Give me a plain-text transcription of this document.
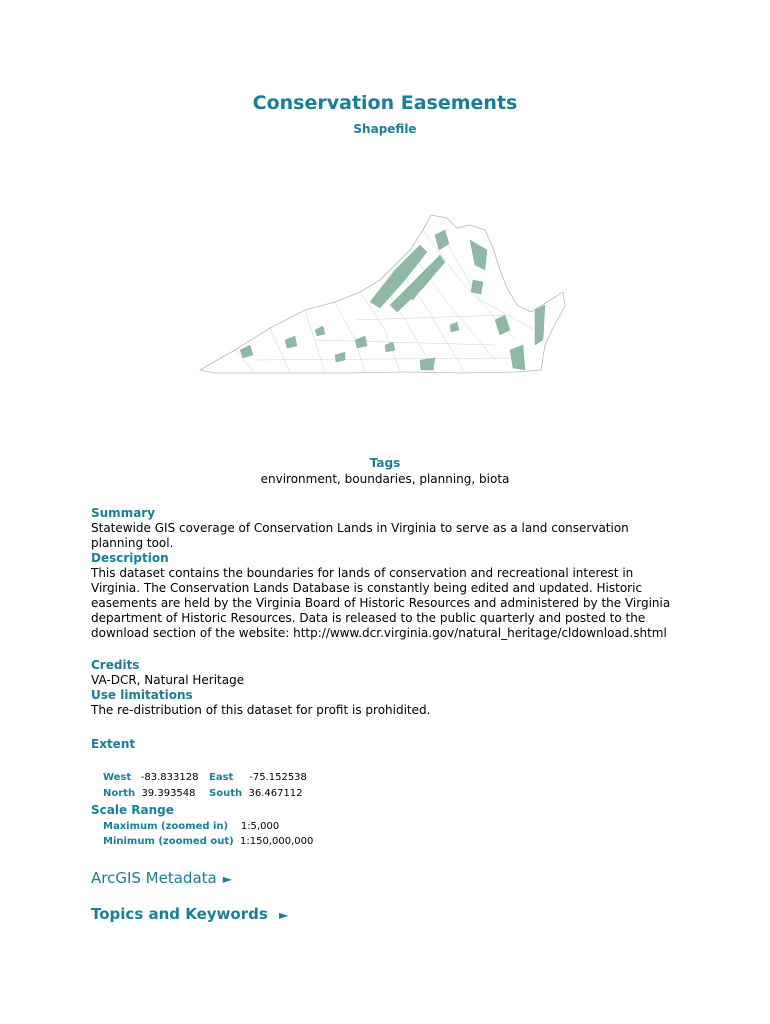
Conservation Easements
Shapefile
Tags
environment, boundaries, planning, biota
Summary
Statewide GIS coverage of Conservation Lands in Virginia to serve as a land conservation
planning tool.
Description
This dataset contains the boundaries for lands of conservation and recreational interest in
Virginia. The Conservation Lands Database is constantly being edited and updated. Historic
easements are held by the Virginia Board of Historic Resources and administered by the Virginia
department of Historic Resources. Data is released to the public quarterly and posted to the
download section of the website: http://www.dcr.virginia.gov/natural_heritage/cldownload.shtml
Credits
VA-DCR, Natural Heritage
Use limitations
The re-distribution of this dataset for profit is prohidited.
Extent
West -83.833128 East -75.152538
North 39.393548 South 36.467112
Scale Range
Maximum (zoomed in) 1:5,000
Minimum (zoomed out) 1:150,000,000
ArcGIS Metadata ►
Topics and Keywords ►
